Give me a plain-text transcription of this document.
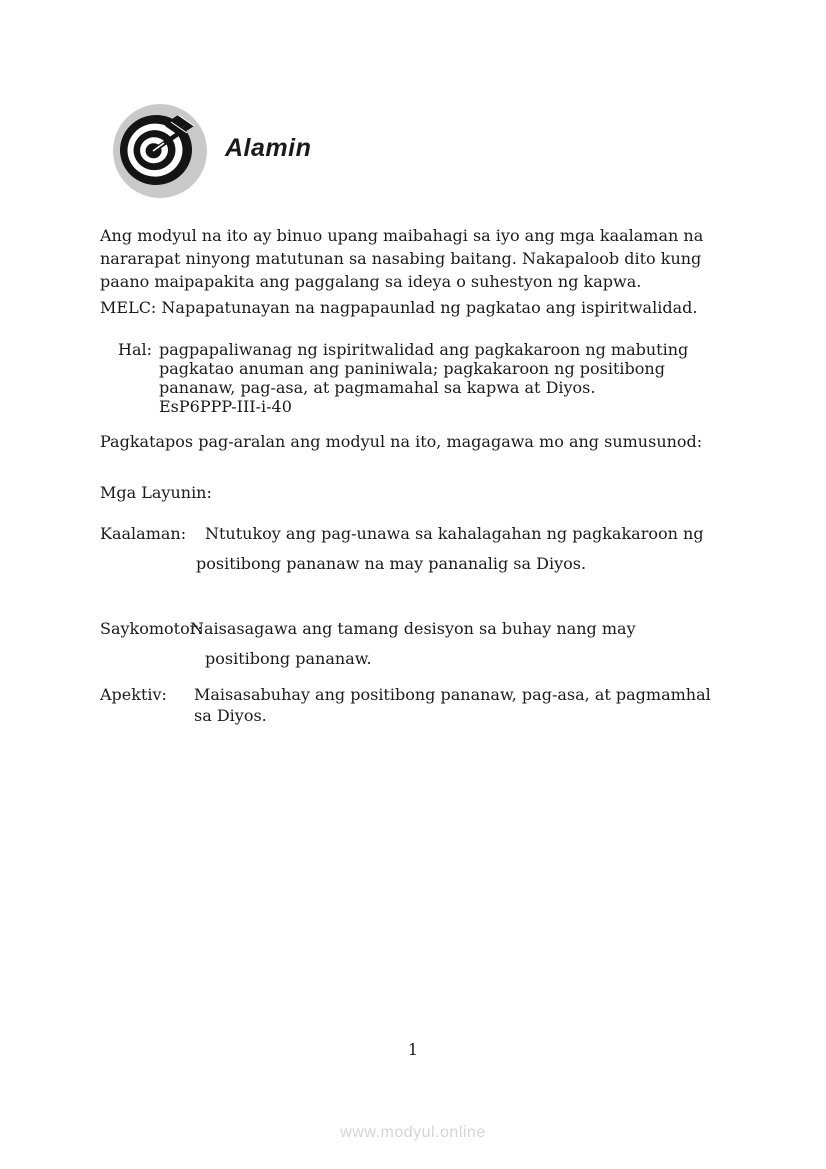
Alamin
Ang modyul na ito ay binuo upang maibahagi sa iyo ang mga kaalaman na nararapat ninyong matutunan sa nasabing baitang. Nakapaloob dito kung paano maipapakita ang paggalang sa ideya o suhestyon ng kapwa.
MELC: Napapatunayan na nagpapaunlad ng pagkatao ang ispiritwalidad.
Hal: pagpapaliwanag ng ispiritwalidad ang pagkakaroon ng mabuting pagkatao anuman ang paniniwala; pagkakaroon ng positibong pananaw, pag-asa, at pagmamahal sa kapwa at Diyos.
EsP6PPP-III-i-40
Pagkatapos pag-aralan ang modyul na ito, magagawa mo ang sumusunod:
Mga Layunin:
Kaalaman:	Ntutukoy ang pag-unawa sa kahalagahan ng pagkakaroon ng positibong pananaw na may pananalig sa Diyos.
Saykomotor:
Naisasagawa ang tamang desisyon sa buhay nang may positibong pananaw.
Apektiv:	Maisasabuhay ang positibong pananaw, pag-asa, at pagmamhal sa Diyos.
1
www.modyul.online
